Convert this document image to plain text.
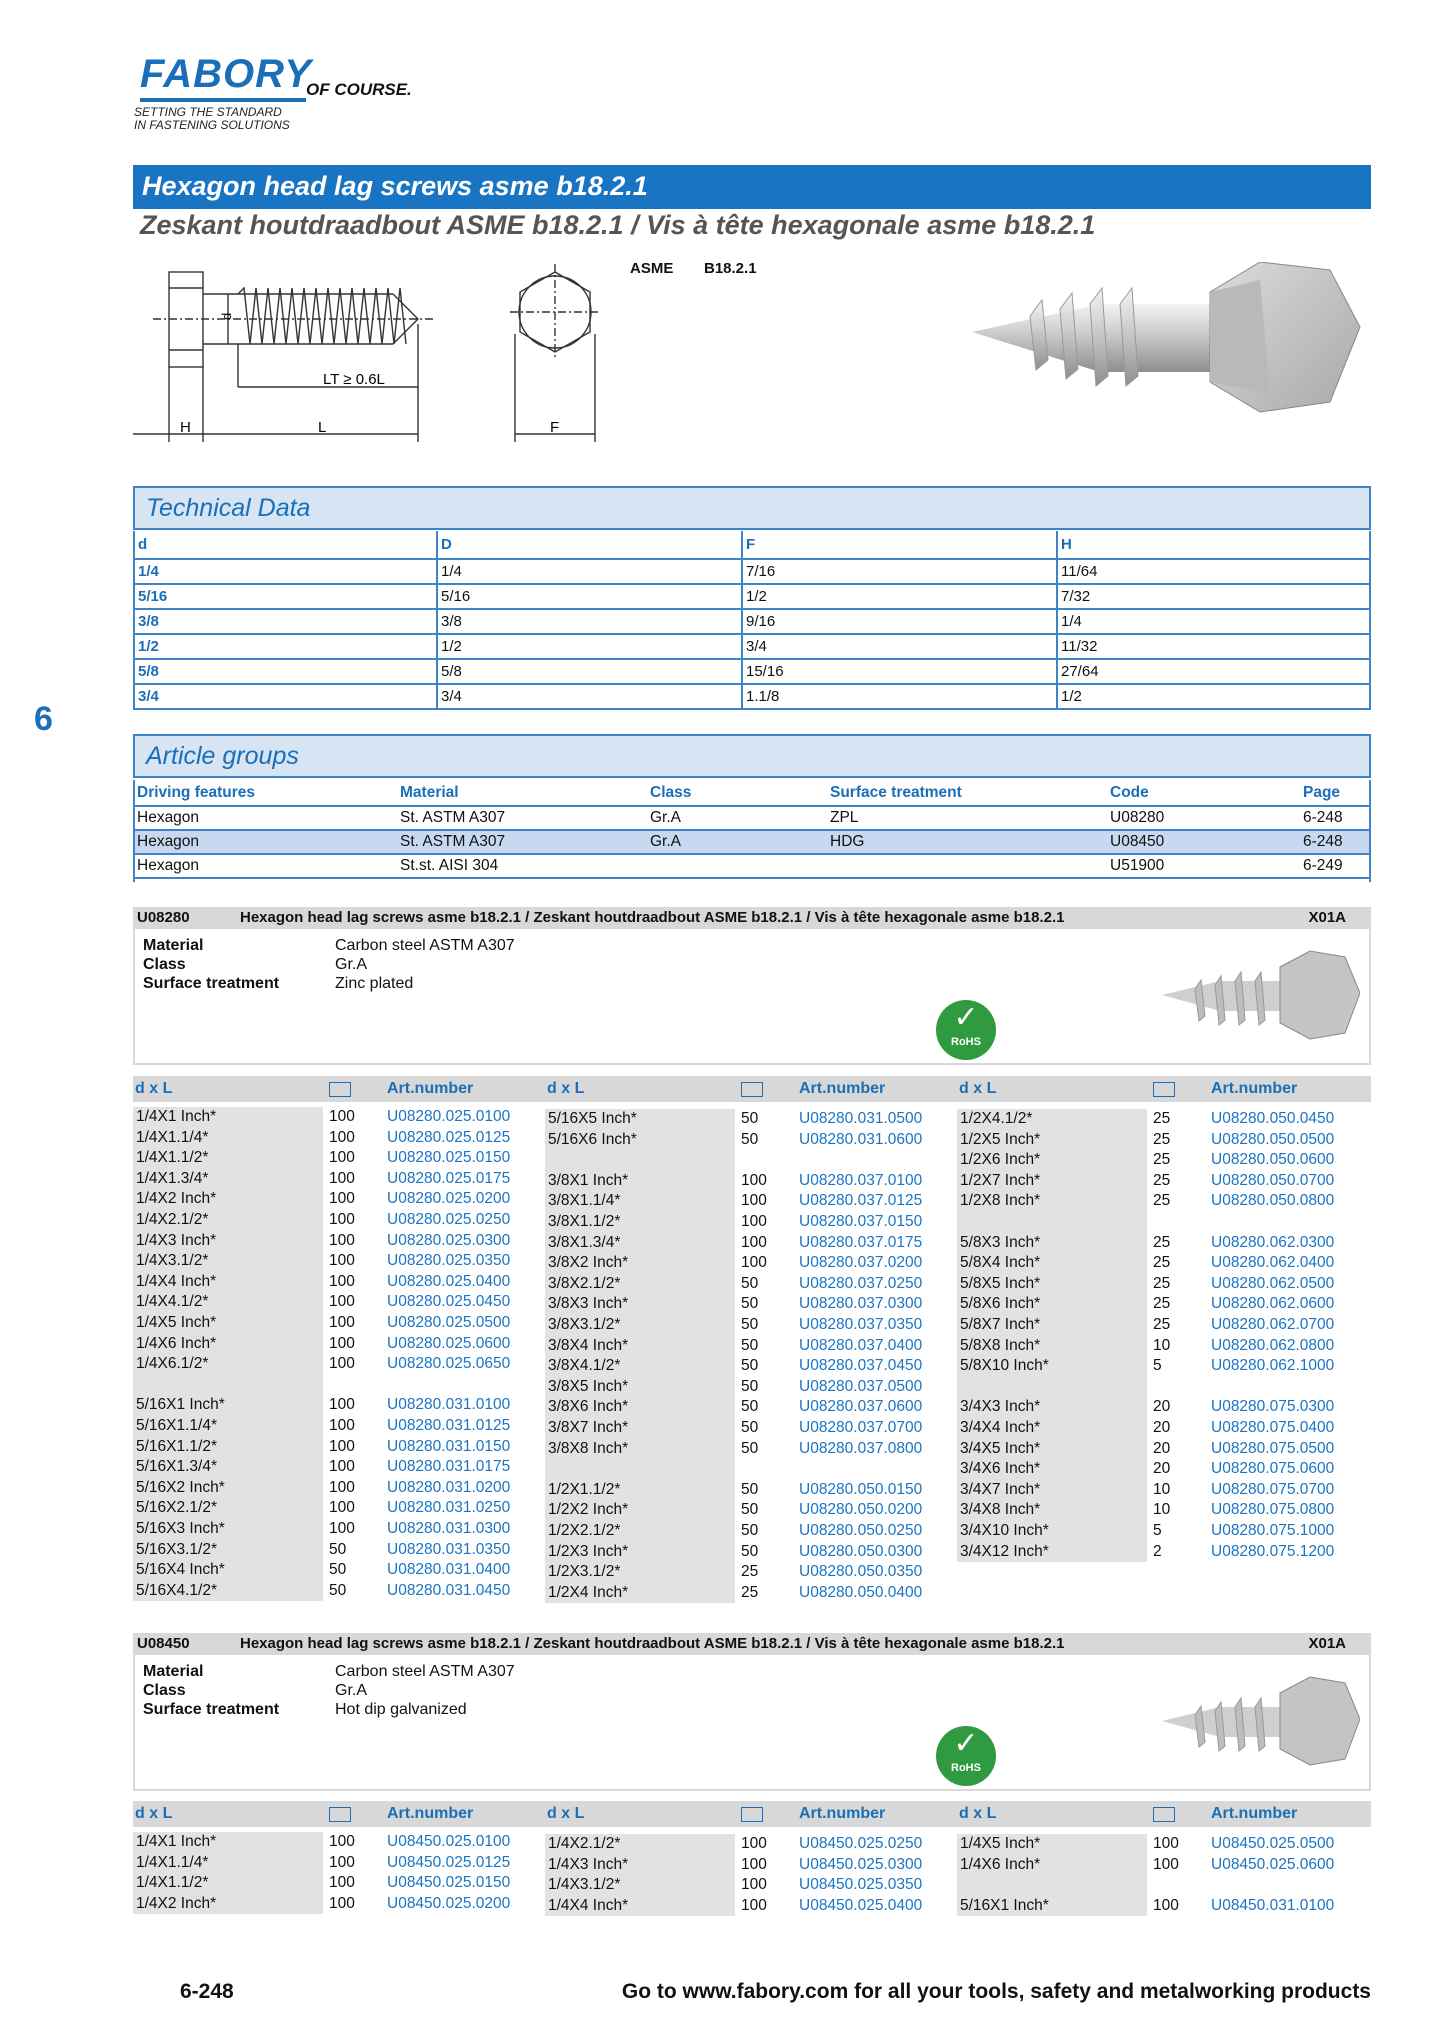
FABORY
OF COURSE.
SETTING THE STANDARD
IN FASTENING SOLUTIONS
Hexagon head lag screws asme b18.2.1
Zeskant houtdraadbout ASME b18.2.1 / Vis à tête hexagonale asme b18.2.1
d
LT ≥ 0.6L
H	L	F
ASME B18.2.1
6
Technical Data
d	D	F	H
1/4	1/4	7/16	11/64
5/16	5/16	1/2	7/32
3/8	3/8	9/16	1/4
1/2	1/2	3/4	11/32
5/8	5/8	15/16	27/64
3/4	3/4	1.1/8	1/2
Article groups
Driving features	Material	Class	Surface treatment	Code	Page
Hexagon	St. ASTM A307	Gr.A	ZPL	U08280	6-248
Hexagon	St. ASTM A307	Gr.A	HDG	U08450	6-248
Hexagon	St.st. AISI 304			U51900	6-249
U08280	Hexagon head lag screws asme b18.2.1 / Zeskant houtdraadbout ASME b18.2.1 / Vis à tête hexagonale asme b18.2.1	X01A
Material	Carbon steel ASTM A307
Class	Gr.A
Surface treatment	Zinc plated
✓
RoHS
d x L	Art.number
1/4X1 Inch*	100 U08280.025.0100
1/4X1.1/4*	100 U08280.025.0125
1/4X1.1/2*	100 U08280.025.0150
1/4X1.3/4*	100 U08280.025.0175
1/4X2 Inch*	100 U08280.025.0200
1/4X2.1/2*	100 U08280.025.0250
1/4X3 Inch*	100 U08280.025.0300
1/4X3.1/2*	100 U08280.025.0350
1/4X4 Inch*	100 U08280.025.0400
1/4X4.1/2*	100 U08280.025.0450
1/4X5 Inch*	100 U08280.025.0500
1/4X6 Inch*	100 U08280.025.0600
1/4X6.1/2*	100 U08280.025.0650
5/16X1 Inch*	100 U08280.031.0100
5/16X1.1/4*	100 U08280.031.0125
5/16X1.1/2*	100 U08280.031.0150
5/16X1.3/4*	100 U08280.031.0175
5/16X2 Inch*	100 U08280.031.0200
5/16X2.1/2*	100 U08280.031.0250
5/16X3 Inch*	100 U08280.031.0300
5/16X3.1/2*	50	U08280.031.0350
5/16X4 Inch*	50	U08280.031.0400
5/16X4.1/2*	50	U08280.031.0450
d x L	Art.number
5/16X5 Inch*	50	U08280.031.0500
5/16X6 Inch*	50	U08280.031.0600
3/8X1 Inch*	100 U08280.037.0100
3/8X1.1/4*	100 U08280.037.0125
3/8X1.1/2*	100 U08280.037.0150
3/8X1.3/4*	100 U08280.037.0175
3/8X2 Inch*	100 U08280.037.0200
3/8X2.1/2*	50	U08280.037.0250
3/8X3 Inch*	50	U08280.037.0300
3/8X3.1/2*	50	U08280.037.0350
3/8X4 Inch*	50	U08280.037.0400
3/8X4.1/2*	50	U08280.037.0450
3/8X5 Inch*	50	U08280.037.0500
3/8X6 Inch*	50	U08280.037.0600
3/8X7 Inch*	50	U08280.037.0700
3/8X8 Inch*	50	U08280.037.0800
1/2X1.1/2*	50	U08280.050.0150
1/2X2 Inch*	50	U08280.050.0200
1/2X2.1/2*	50	U08280.050.0250
1/2X3 Inch*	50	U08280.050.0300
1/2X3.1/2*	25	U08280.050.0350
1/2X4 Inch*	25	U08280.050.0400
d x L	Art.number
1/2X4.1/2*	25	U08280.050.0450
1/2X5 Inch*	25	U08280.050.0500
1/2X6 Inch*	25	U08280.050.0600
1/2X7 Inch*	25	U08280.050.0700
1/2X8 Inch*	25	U08280.050.0800
5/8X3 Inch*	25	U08280.062.0300
5/8X4 Inch*	25	U08280.062.0400
5/8X5 Inch*	25	U08280.062.0500
5/8X6 Inch*	25	U08280.062.0600
5/8X7 Inch*	25	U08280.062.0700
5/8X8 Inch*	10	U08280.062.0800
5/8X10 Inch*	5	U08280.062.1000
3/4X3 Inch*	20	U08280.075.0300
3/4X4 Inch*	20	U08280.075.0400
3/4X5 Inch*	20	U08280.075.0500
3/4X6 Inch*	20	U08280.075.0600
3/4X7 Inch*	10	U08280.075.0700
3/4X8 Inch*	10	U08280.075.0800
3/4X10 Inch*	5	U08280.075.1000
3/4X12 Inch*	2	U08280.075.1200
U08450	Hexagon head lag screws asme b18.2.1 / Zeskant houtdraadbout ASME b18.2.1 / Vis à tête hexagonale asme b18.2.1	X01A
Material	Carbon steel ASTM A307
Class	Gr.A
Surface treatment	Hot dip galvanized
✓
RoHS
d x L	Art.number
1/4X1 Inch*	100 U08450.025.0100
1/4X1.1/4*	100 U08450.025.0125
1/4X1.1/2*	100 U08450.025.0150
1/4X2 Inch*	100 U08450.025.0200
d x L	Art.number
1/4X2.1/2*	100 U08450.025.0250
1/4X3 Inch*	100 U08450.025.0300
1/4X3.1/2*	100 U08450.025.0350
1/4X4 Inch*	100 U08450.025.0400
d x L	Art.number
1/4X5 Inch*	100 U08450.025.0500
1/4X6 Inch*	100 U08450.025.0600
5/16X1 Inch*	100 U08450.031.0100
6-248	Go to www.fabory.com for all your tools, safety and metalworking products
